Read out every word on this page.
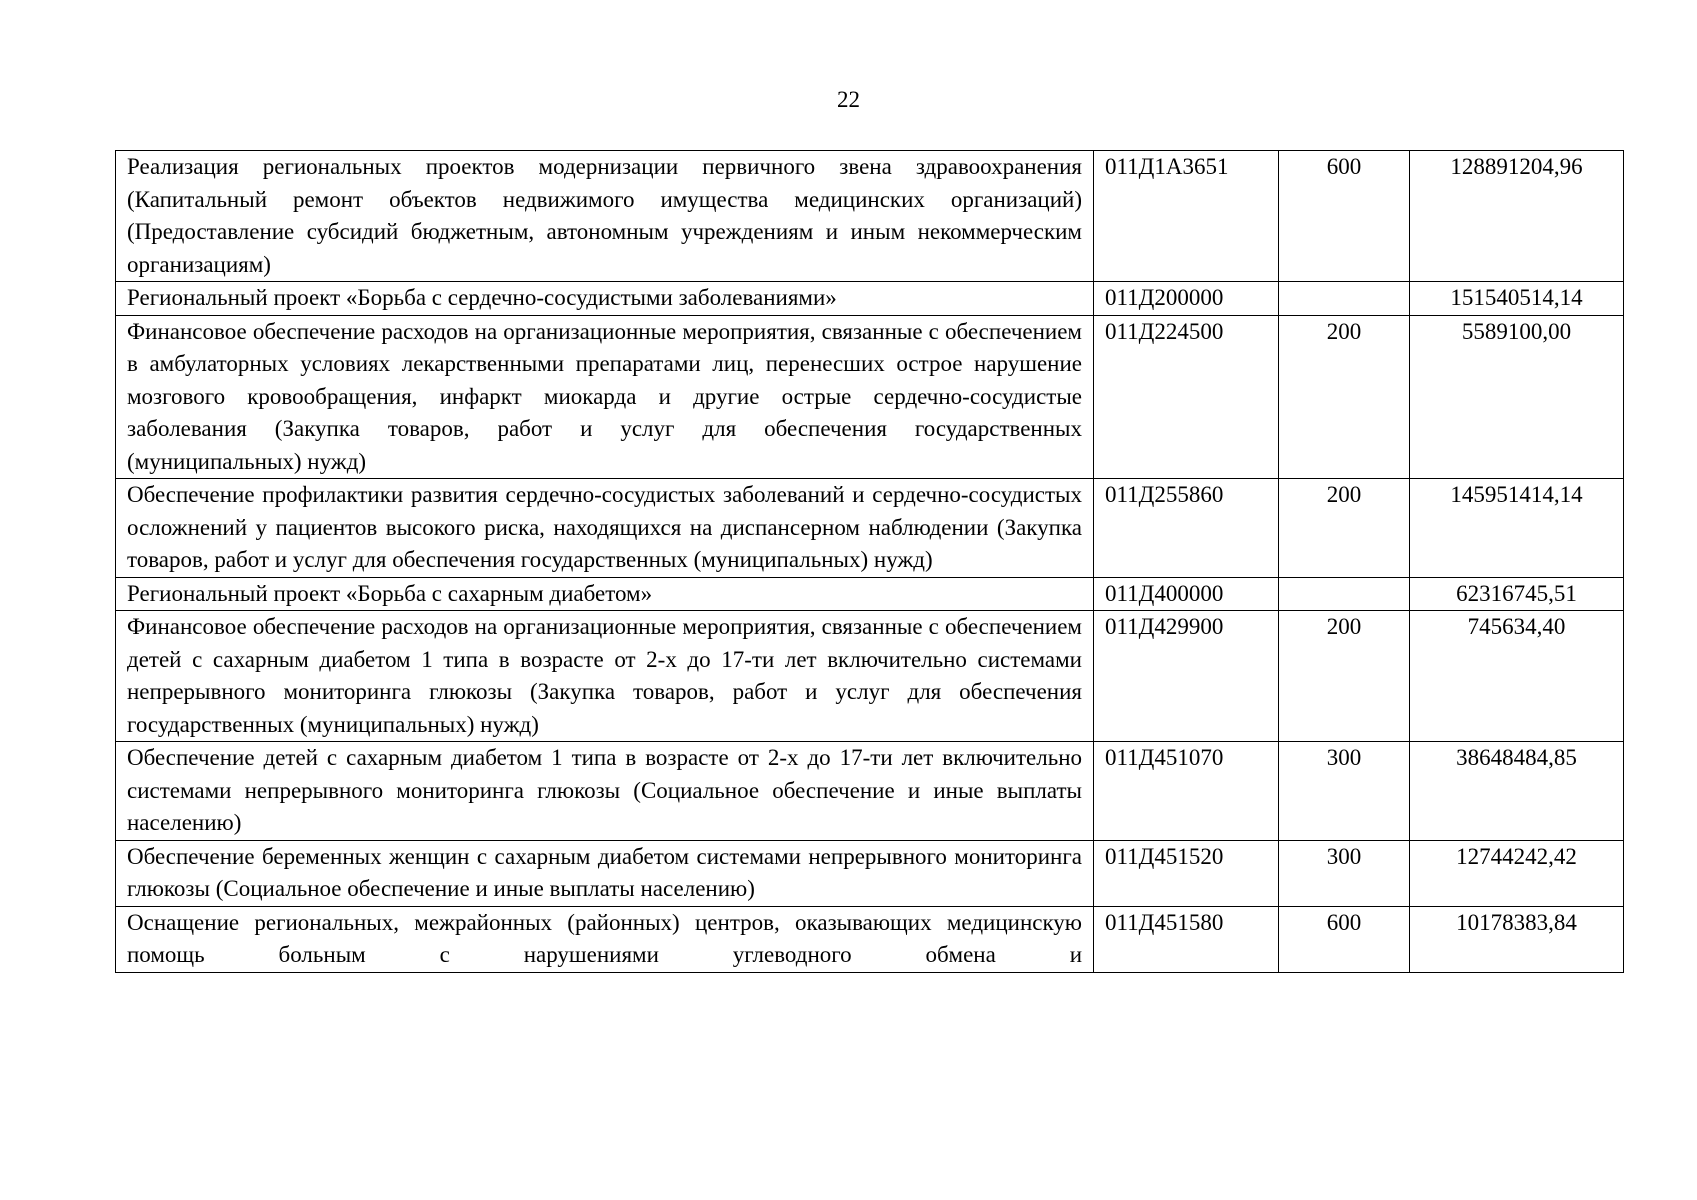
22
Реализация региональных проектов модернизации первичного звена здравоохранения (Капитальный ремонт объектов недвижимого имущества медицинских организаций) (Предоставление субсидий бюджетным, автономным учреждениям и иным некоммерческим организациям)	011Д1А3651	600	128891204,96
Региональный проект «Борьба с сердечно-сосудистыми заболеваниями»	011Д200000		151540514,14
Финансовое обеспечение расходов на организационные мероприятия, связанные с обеспечением в амбулаторных условиях лекарственными препаратами лиц, перенесших острое нарушение мозгового кровообращения, инфаркт миокарда и другие острые сердечно-сосудистые заболевания (Закупка товаров, работ и услуг для обеспечения государственных (муниципальных) нужд)	011Д224500	200	5589100,00
Обеспечение профилактики развития сердечно-сосудистых заболеваний и сердечно-сосудистых осложнений у пациентов высокого риска, находящихся на диспансерном наблюдении (Закупка товаров, работ и услуг для обеспечения государственных (муниципальных) нужд)	011Д255860	200	145951414,14
Региональный проект «Борьба с сахарным диабетом»	011Д400000		62316745,51
Финансовое обеспечение расходов на организационные мероприятия, связанные с обеспечением детей с сахарным диабетом 1 типа в возрасте от 2-х до 17-ти лет включительно системами непрерывного мониторинга глюкозы (Закупка товаров, работ и услуг для обеспечения государственных (муниципальных) нужд)	011Д429900	200	745634,40
Обеспечение детей с сахарным диабетом 1 типа в возрасте от 2-х до 17-ти лет включительно системами непрерывного мониторинга глюкозы (Социальное обеспечение и иные выплаты населению)	011Д451070	300	38648484,85
Обеспечение беременных женщин с сахарным диабетом системами непрерывного мониторинга глюкозы (Социальное обеспечение и иные выплаты населению)	011Д451520	300	12744242,42
Оснащение региональных, межрайонных (районных) центров, оказывающих медицинскую помощь больным с нарушениями углеводного обмена и	011Д451580	600	10178383,84
